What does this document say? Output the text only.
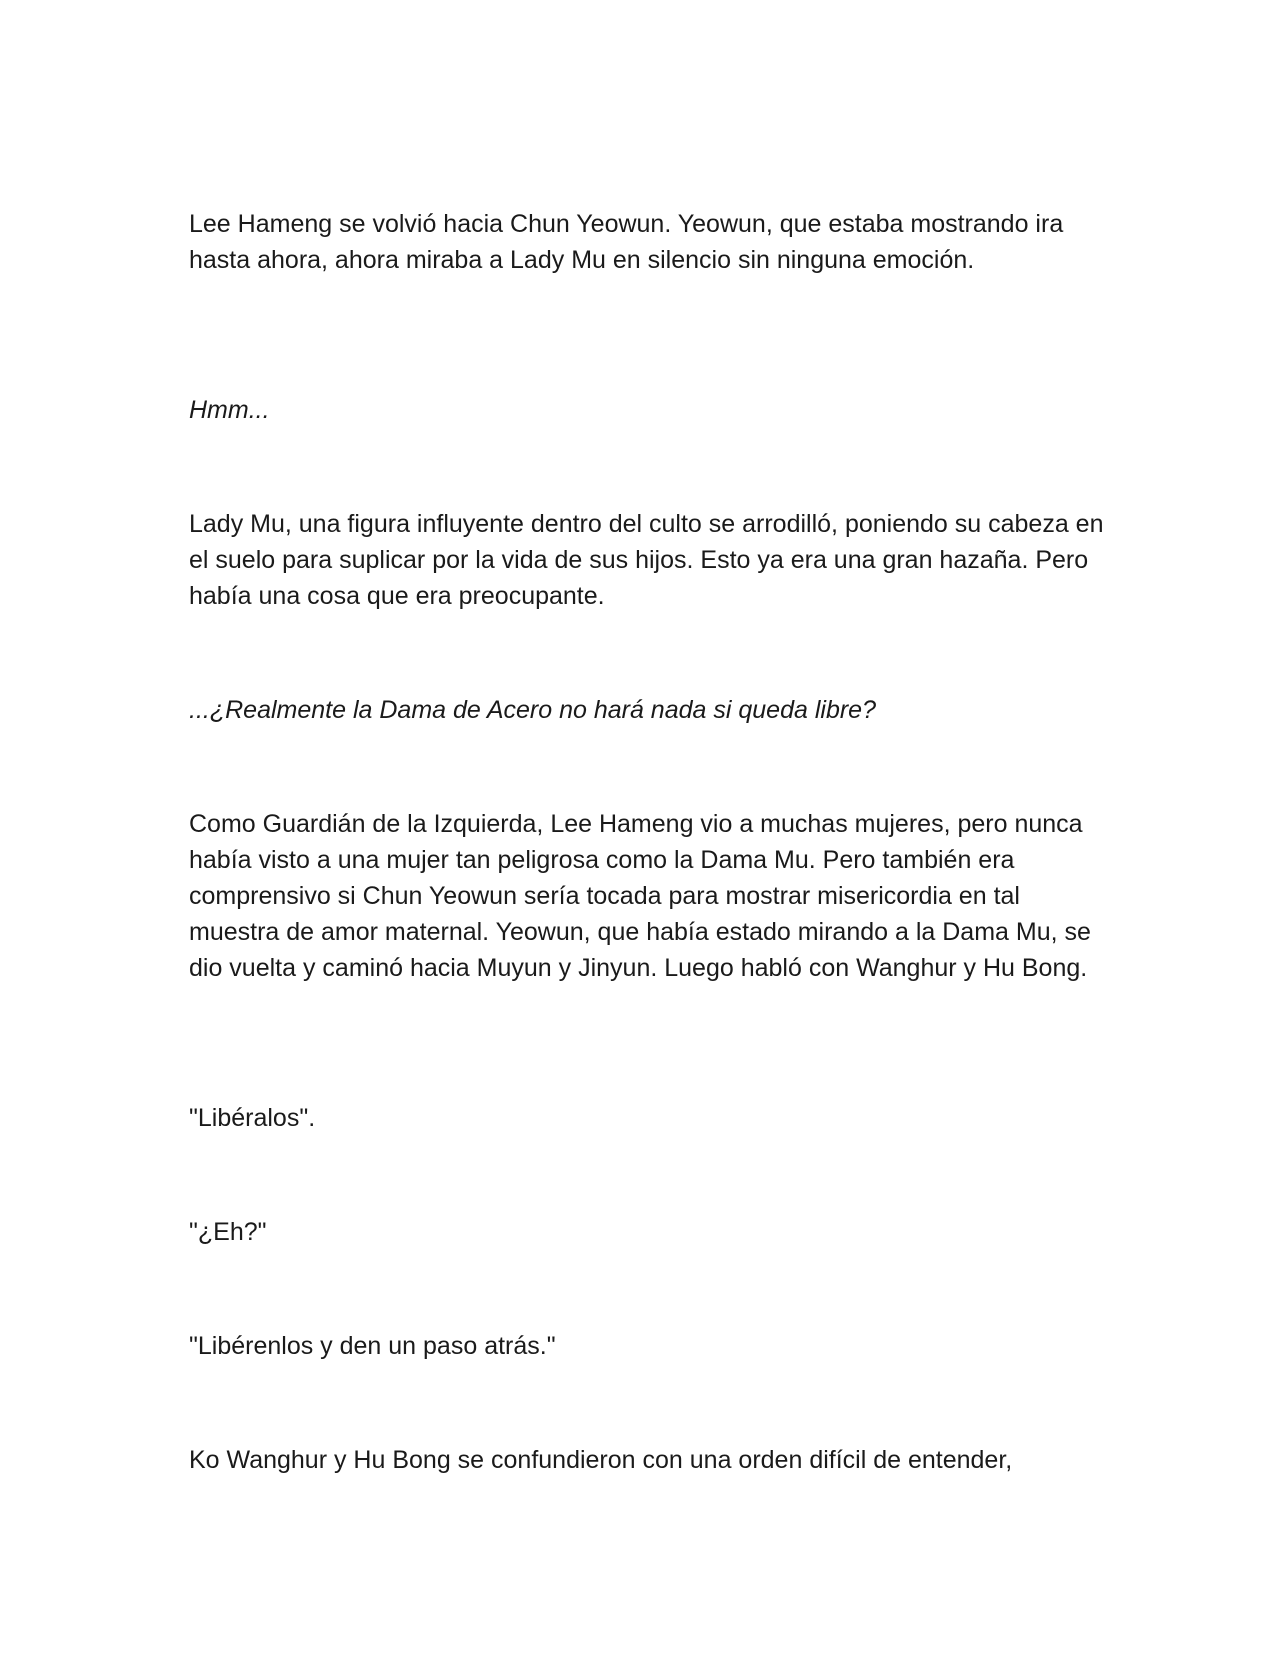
Lee Hameng se volvió hacia Chun Yeowun. Yeowun, que estaba mostrando ira hasta ahora, ahora miraba a Lady Mu en silencio sin ninguna emoción.

Hmm...

Lady Mu, una figura influyente dentro del culto se arrodilló, poniendo su cabeza en el suelo para suplicar por la vida de sus hijos. Esto ya era una gran hazaña. Pero había una cosa que era preocupante.

...¿Realmente la Dama de Acero no hará nada si queda libre?

Como Guardián de la Izquierda, Lee Hameng vio a muchas mujeres, pero nunca había visto a una mujer tan peligrosa como la Dama Mu. Pero también era comprensivo si Chun Yeowun sería tocada para mostrar misericordia en tal muestra de amor maternal. Yeowun, que había estado mirando a la Dama Mu, se dio vuelta y caminó hacia Muyun y Jinyun. Luego habló con Wanghur y Hu Bong.

"Libéralos".

"¿Eh?"

"Libérenlos y den un paso atrás."

Ko Wanghur y Hu Bong se confundieron con una orden difícil de entender,
